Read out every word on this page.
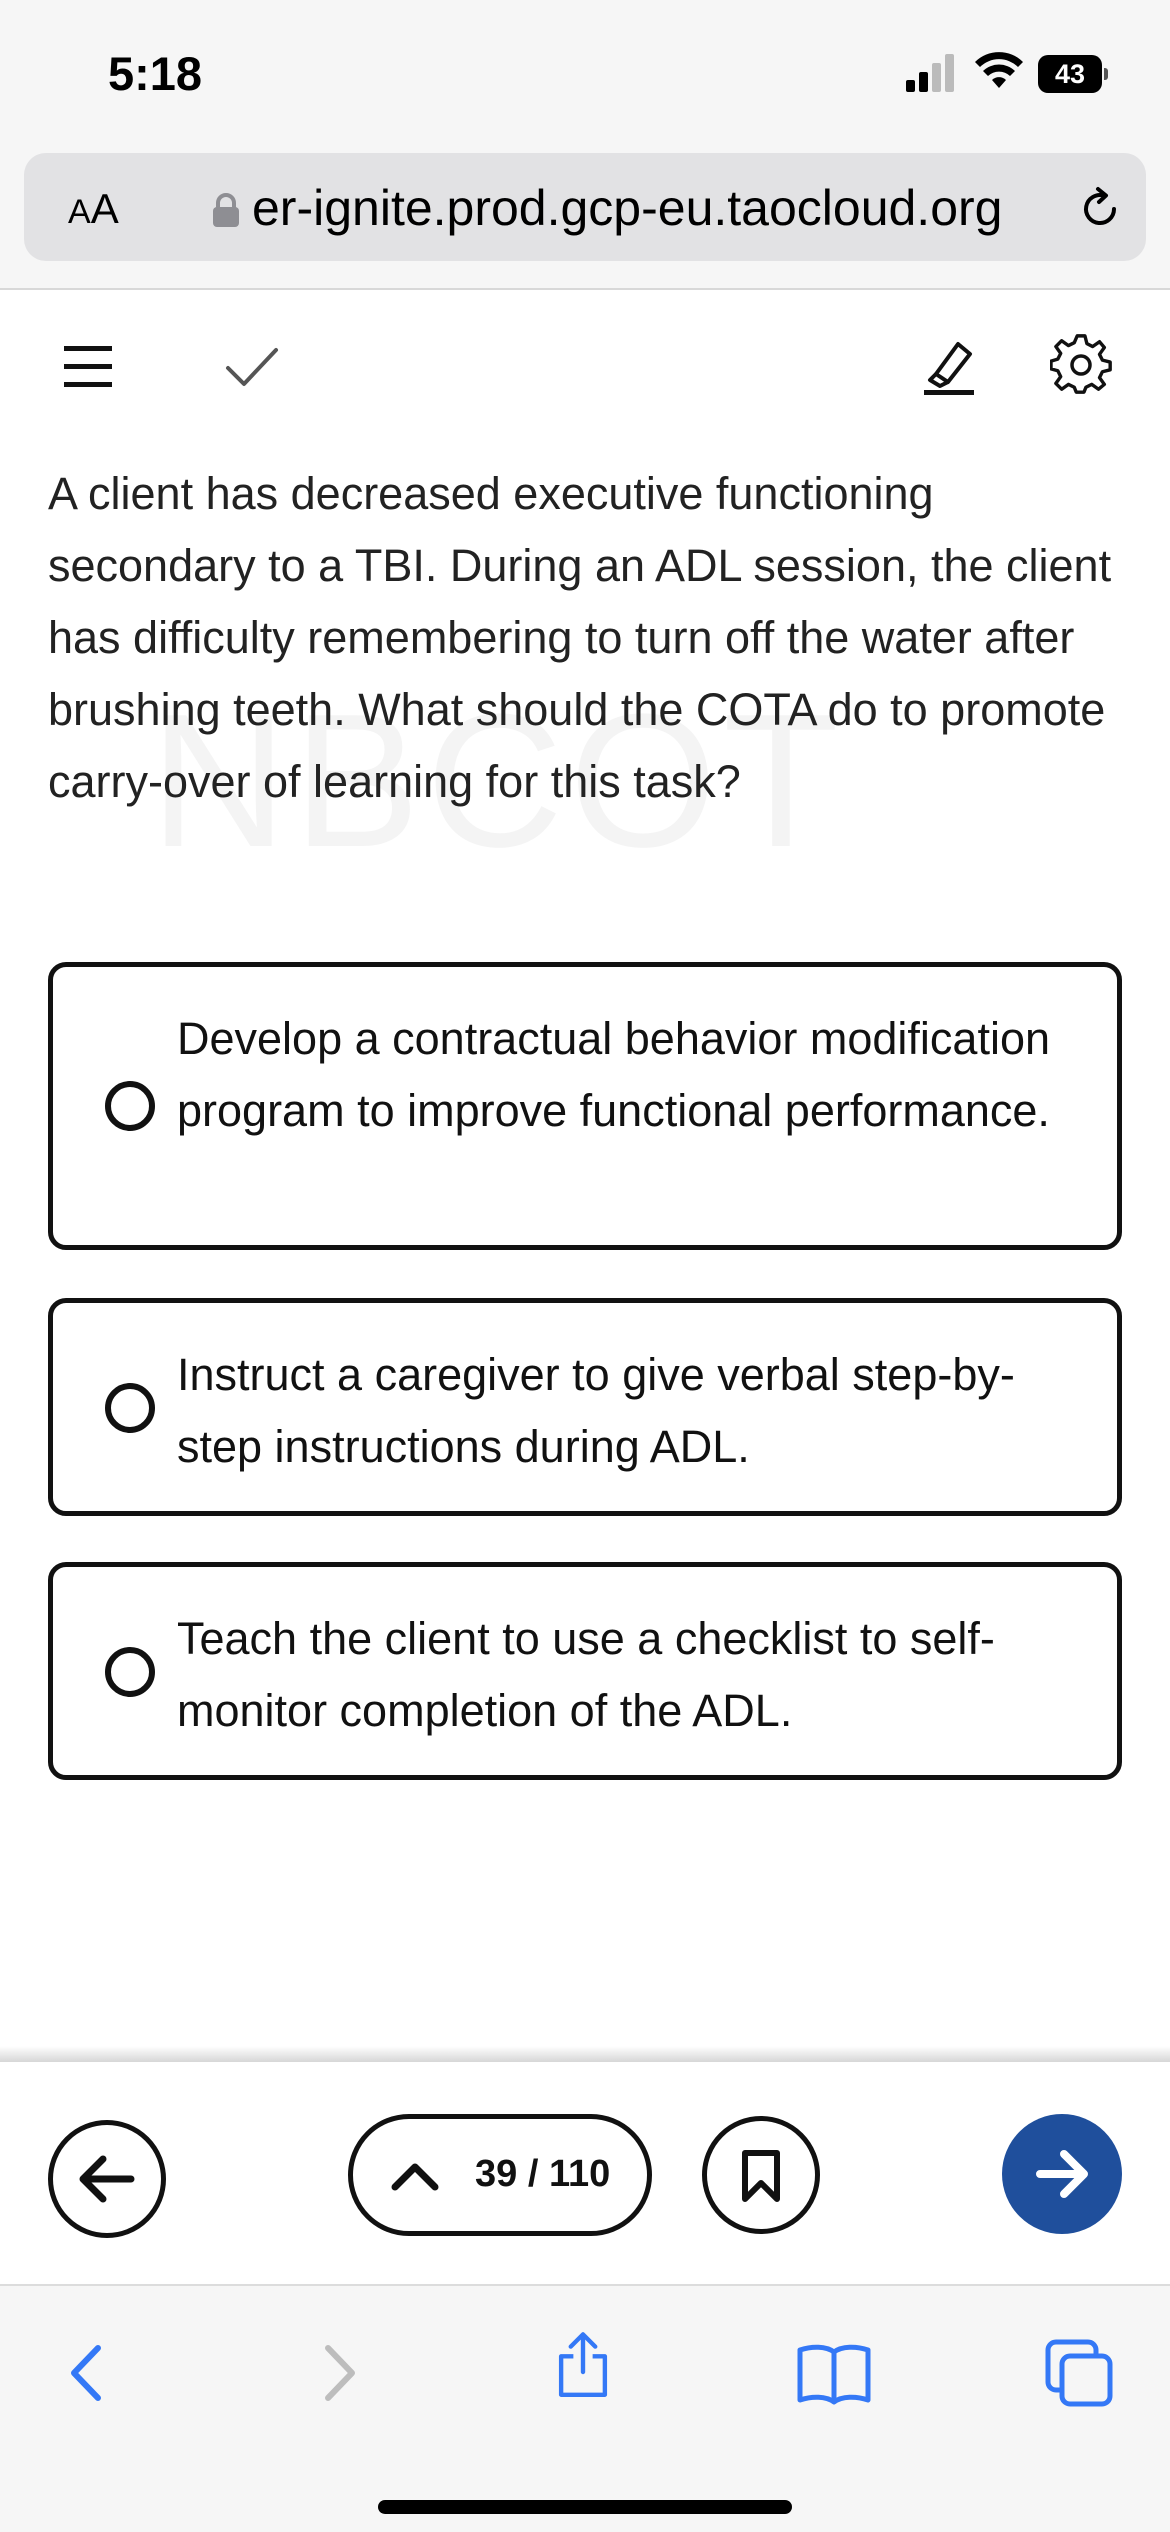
5:18	43
AA	er-ignite.prod.gcp-eu.taocloud.org

A client has decreased executive functioning secondary to a TBI. During an ADL session, the client has difficulty remembering to turn off the water after brushing teeth. What should the COTA do to promote carry-over of learning for this task?

Develop a contractual behavior modification program to improve functional performance.
Instruct a caregiver to give verbal step-by-step instructions during ADL.
Teach the client to use a checklist to self-monitor completion of the ADL.
39 / 110
